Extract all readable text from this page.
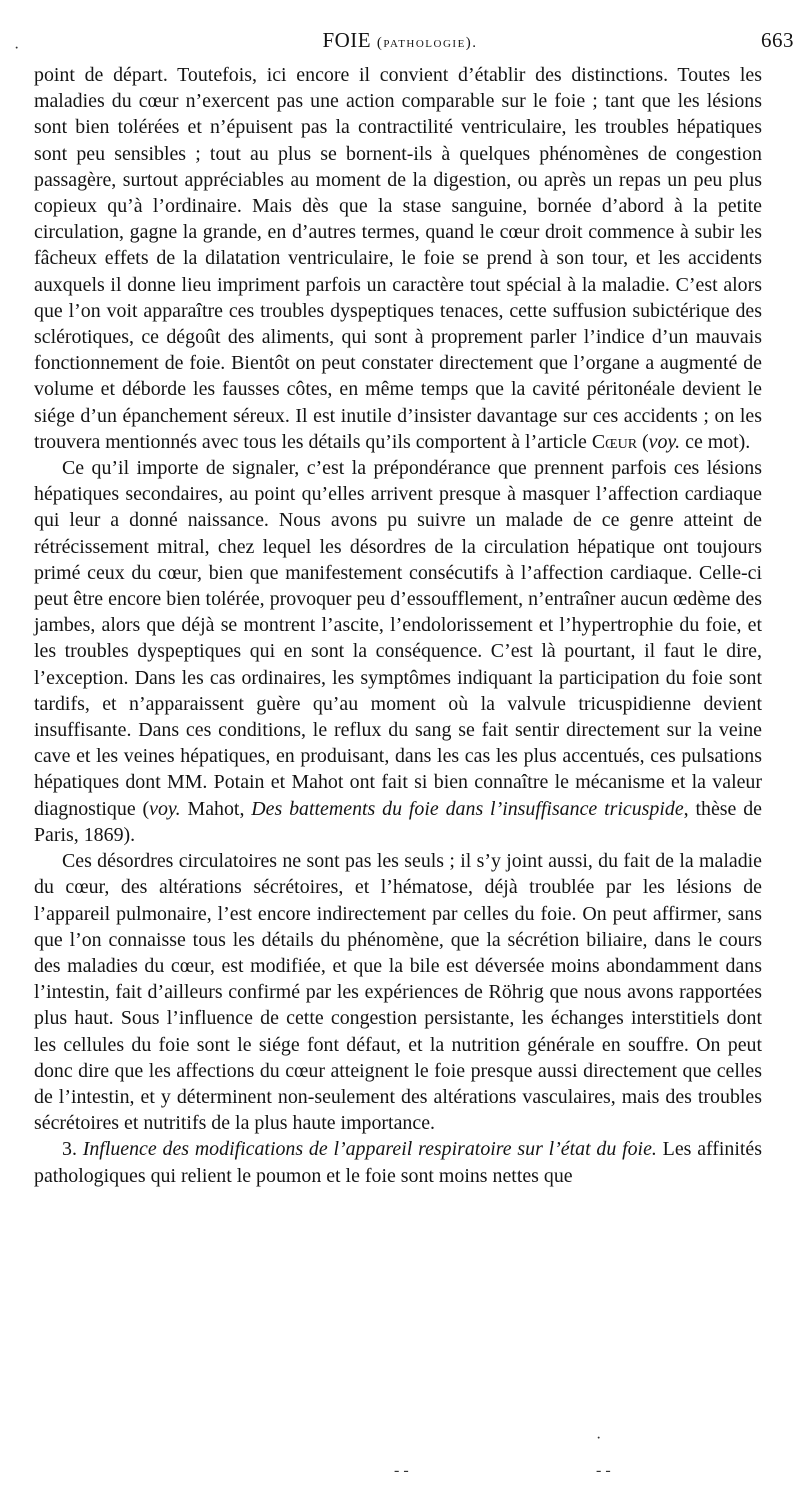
FOIE (pathologie).	663

point de départ. Toutefois, ici encore il convient d’établir des distinctions. Toutes les maladies du cœur n’exercent pas une action comparable sur le foie ; tant que les lésions sont bien tolérées et n’épuisent pas la contractilité ventriculaire, les troubles hépatiques sont peu sensibles ; tout au plus se bornent-ils à quelques phénomènes de congestion passagère, surtout appréciables au moment de la digestion, ou après un repas un peu plus copieux qu’à l’ordinaire. Mais dès que la stase sanguine, bornée d’abord à la petite circulation, gagne la grande, en d’autres termes, quand le cœur droit commence à subir les fâcheux effets de la dilatation ventriculaire, le foie se prend à son tour, et les accidents auxquels il donne lieu impriment parfois un caractère tout spécial à la maladie. C’est alors que l’on voit apparaître ces troubles dyspeptiques tenaces, cette suffusion subictérique des sclérotiques, ce dégoût des aliments, qui sont à proprement parler l’indice d’un mauvais fonctionnement de foie. Bientôt on peut constater directement que l’organe a augmenté de volume et déborde les fausses côtes, en même temps que la cavité péritonéale devient le siége d’un épanchement séreux. Il est inutile d’insister davantage sur ces accidents ; on les trouvera mentionnés avec tous les détails qu’ils comportent à l’article Cœur (voy. ce mot).

Ce qu’il importe de signaler, c’est la prépondérance que prennent parfois ces lésions hépatiques secondaires, au point qu’elles arrivent presque à masquer l’affection cardiaque qui leur a donné naissance. Nous avons pu suivre un malade de ce genre atteint de rétrécissement mitral, chez lequel les désordres de la circulation hépatique ont toujours primé ceux du cœur, bien que manifestement consécutifs à l’affection cardiaque. Celle-ci peut être encore bien tolérée, provoquer peu d’essoufflement, n’entraîner aucun œdème des jambes, alors que déjà se montrent l’ascite, l’endolorissement et l’hypertrophie du foie, et les troubles dyspeptiques qui en sont la conséquence. C’est là pourtant, il faut le dire, l’exception. Dans les cas ordinaires, les symptômes indiquant la participation du foie sont tardifs, et n’apparaissent guère qu’au moment où la valvule tricuspidienne devient insuffisante. Dans ces conditions, le reflux du sang se fait sentir directement sur la veine cave et les veines hépatiques, en produisant, dans les cas les plus accentués, ces pulsations hépatiques dont MM. Potain et Mahot ont fait si bien connaître le mécanisme et la valeur diagnostique (voy. Mahot, Des battements du foie dans l’insuffisance tricuspide, thèse de Paris, 1869).

Ces désordres circulatoires ne sont pas les seuls ; il s’y joint aussi, du fait de la maladie du cœur, des altérations sécrétoires, et l’hématose, déjà troublée par les lésions de l’appareil pulmonaire, l’est encore indirectement par celles du foie. On peut affirmer, sans que l’on connaisse tous les détails du phénomène, que la sécrétion biliaire, dans le cours des maladies du cœur, est modifiée, et que la bile est déversée moins abondamment dans l’intestin, fait d’ailleurs confirmé par les expériences de Röhrig que nous avons rapportées plus haut. Sous l’influence de cette congestion persistante, les échanges interstitiels dont les cellules du foie sont le siége font défaut, et la nutrition générale en souffre. On peut donc dire que les affections du cœur atteignent le foie presque aussi directement que celles de l’intestin, et y déterminent non-seulement des altérations vasculaires, mais des troubles sécrétoires et nutritifs de la plus haute importance.

3. Influence des modifications de l’appareil respiratoire sur l’état du foie. Les affinités pathologiques qui relient le poumon et le foie sont moins nettes que

·
·
‐ ‐	‐ ‐
